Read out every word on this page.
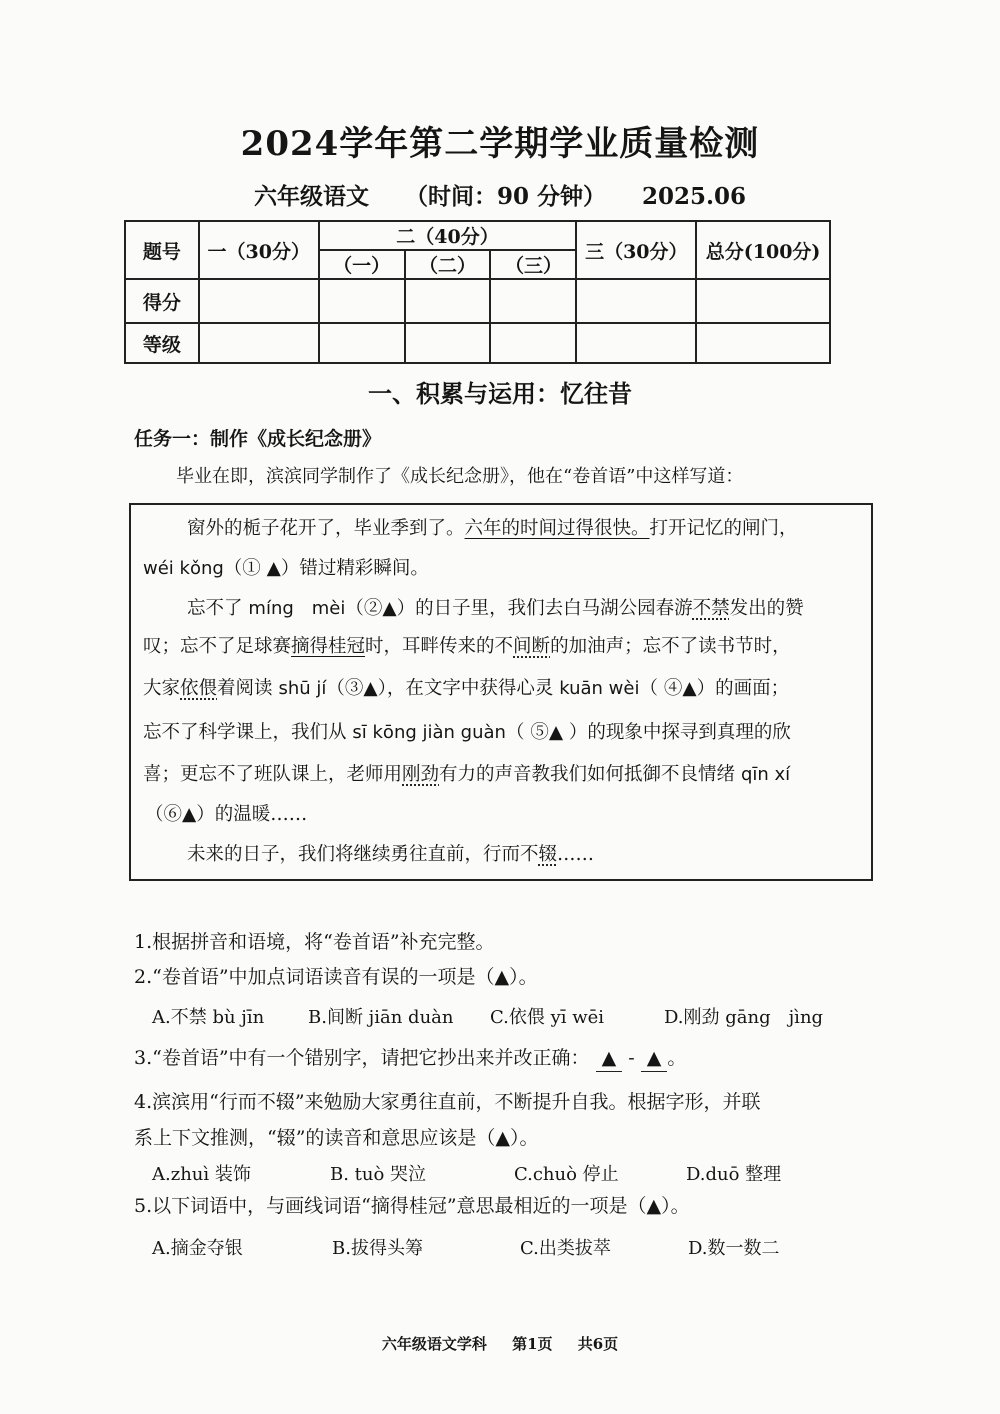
2024学年第二学期学业质量检测
六年级语文 （时间：90 分钟） 2025.06
题号	一（30分）	二（40分）			三（30分）	总分(100分)
		（一）	（二）	（三）		
得分						
等级						
一、积累与运用：忆往昔
任务一：制作《成长纪念册》
毕业在即，滨滨同学制作了《成长纪念册》，他在“卷首语”中这样写道：
窗外的栀子花开了，毕业季到了。六年的时间过得很快。打开记忆的闸门，
wéi kǒng（① ▲）错过精彩瞬间。
忘不了 míng　mèi（②▲）的日子里，我们去白马湖公园春游不禁发出的赞
叹；忘不了足球赛摘得桂冠时，耳畔传来的不间断的加油声；忘不了读书节时，
大家依偎着阅读 shū jí（③▲），在文字中获得心灵 kuān wèi（ ④▲）的画面；
忘不了科学课上，我们从 sī kōng jiàn guàn（ ⑤▲ ）的现象中探寻到真理的欣
喜；更忘不了班队课上，老师用刚劲有力的声音教我们如何抵御不良情绪 qīn xí
（⑥▲）的温暖……
未来的日子，我们将继续勇往直前，行而不辍……
1.根据拼音和语境，将“卷首语”补充完整。
2.“卷首语”中加点词语读音有误的一项是（▲）。
A.不禁 bù jīn B.间断 jiān duàn C.依偎 yī wēi	D.刚劲 gāng　jìng
3.“卷首语”中有一个错别字，请把它抄出来并改正确： ▲ - ▲ 。
4.滨滨用“行而不辍”来勉励大家勇往直前，不断提升自我。根据字形，并联
系上下文推测，“辍”的读音和意思应该是（▲）。
A.zhuì 装饰	B. tuò 哭泣	C.chuò 停止	D.duō 整理
5.以下词语中，与画线词语“摘得桂冠”意思最相近的一项是（▲）。
A.摘金夺银	B.拔得头筹	C.出类拔萃	D.数一数二
六年级语文学科 第1页 共6页
